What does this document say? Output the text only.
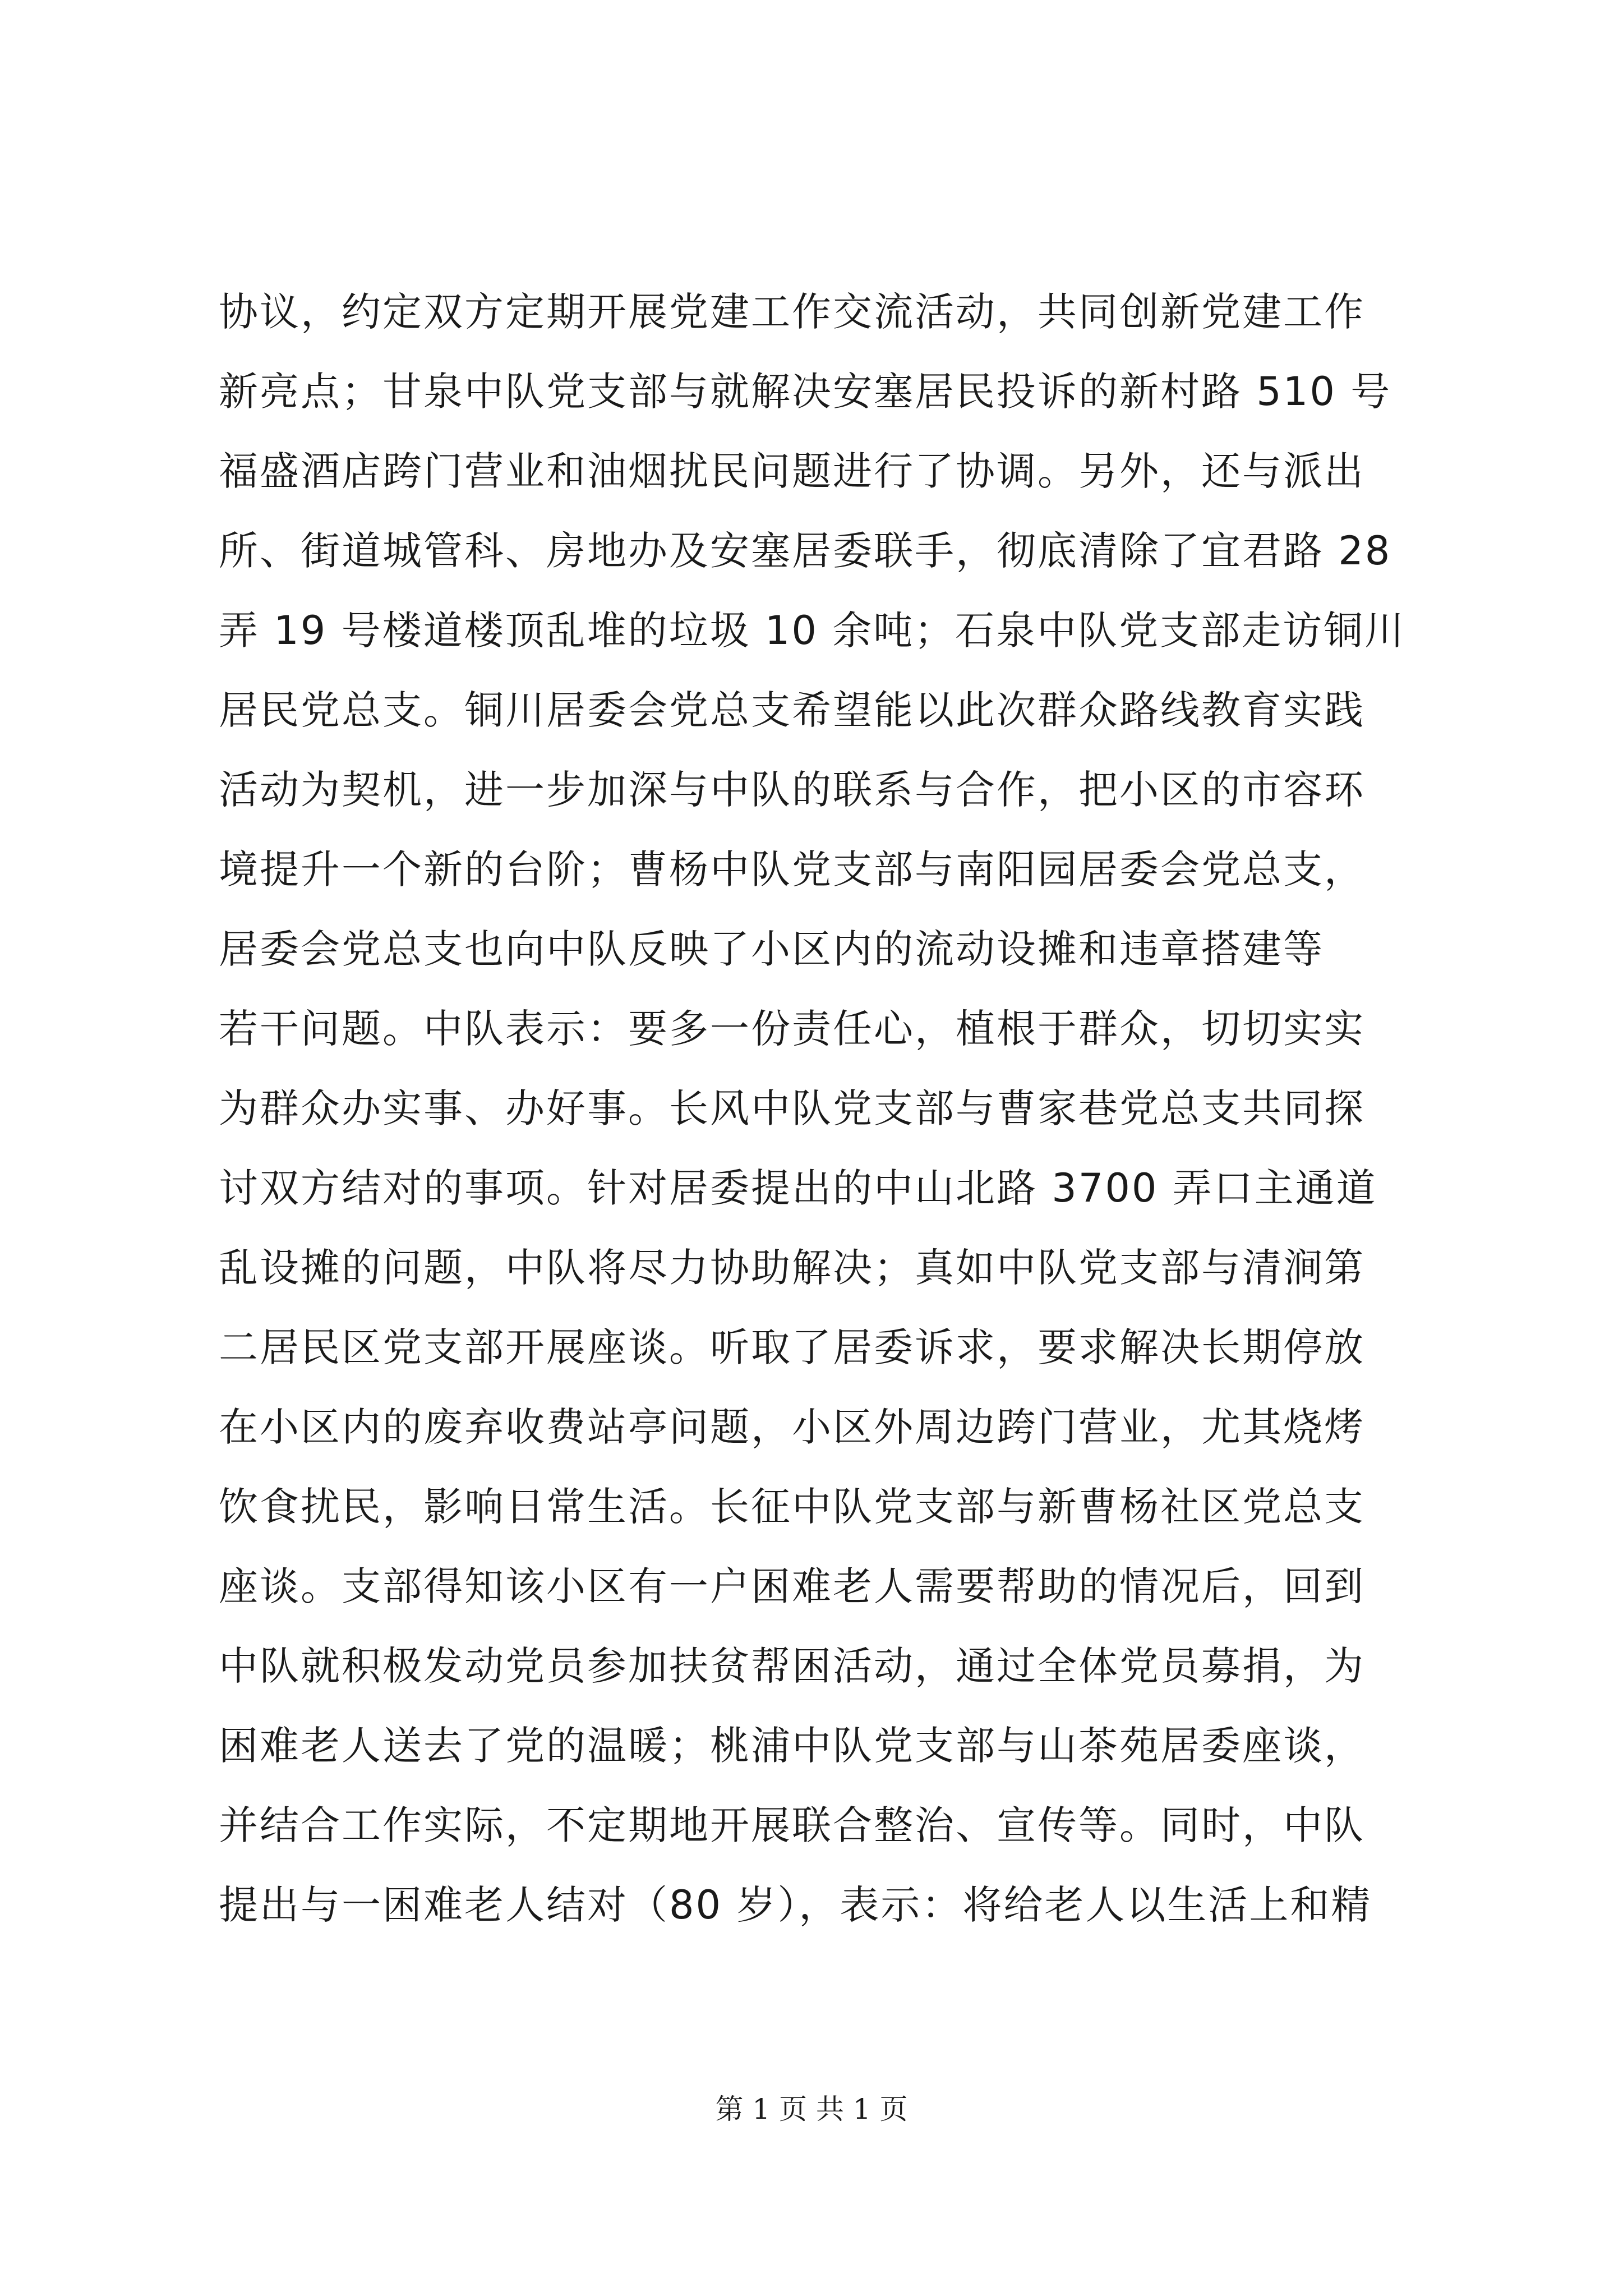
协议，约定双方定期开展党建工作交流活动，共同创新党建工作
新亮点；甘泉中队党支部与就解决安塞居民投诉的新村路 510 号
福盛酒店跨门营业和油烟扰民问题进行了协调。另外，还与派出
所、街道城管科、房地办及安塞居委联手，彻底清除了宜君路 28
弄 19 号楼道楼顶乱堆的垃圾 10 余吨；石泉中队党支部走访铜川
居民党总支。铜川居委会党总支希望能以此次群众路线教育实践
活动为契机，进一步加深与中队的联系与合作，把小区的市容环
境提升一个新的台阶；曹杨中队党支部与南阳园居委会党总支，
居委会党总支也向中队反映了小区内的流动设摊和违章搭建等
若干问题。中队表示：要多一份责任心，植根于群众，切切实实
为群众办实事、办好事。长风中队党支部与曹家巷党总支共同探
讨双方结对的事项。针对居委提出的中山北路 3700 弄口主通道
乱设摊的问题，中队将尽力协助解决；真如中队党支部与清涧第
二居民区党支部开展座谈。听取了居委诉求，要求解决长期停放
在小区内的废弃收费站亭问题，小区外周边跨门营业，尤其烧烤
饮食扰民，影响日常生活。长征中队党支部与新曹杨社区党总支
座谈。支部得知该小区有一户困难老人需要帮助的情况后，回到
中队就积极发动党员参加扶贫帮困活动，通过全体党员募捐，为
困难老人送去了党的温暖；桃浦中队党支部与山茶苑居委座谈，
并结合工作实际，不定期地开展联合整治、宣传等。同时，中队
提出与一困难老人结对（80 岁），表示：将给老人以生活上和精
第 1 页 共 1 页
